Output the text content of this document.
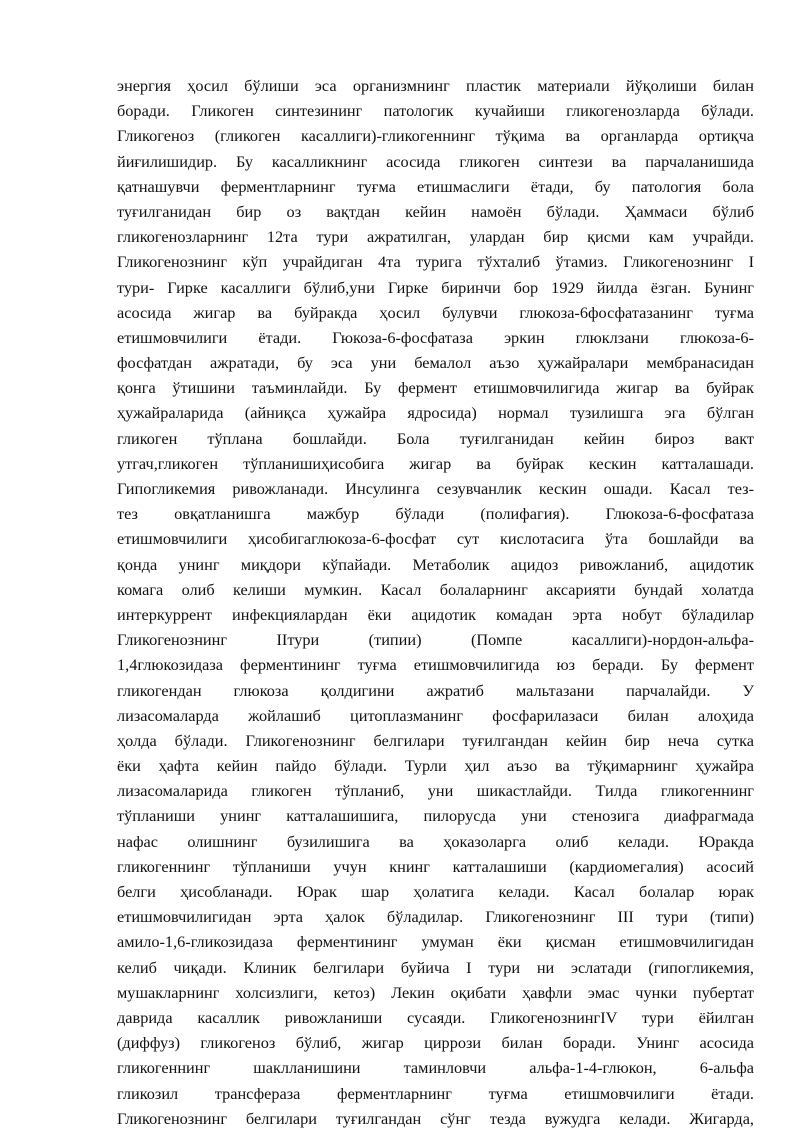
энергия ҳосил бўлиши эса организмнинг пластик материали йўқолиши билан
боради. Гликоген синтезининг патологик кучайиши гликогенозларда бўлади.
Гликогеноз (гликоген касаллиги)-гликогеннинг тўқима ва органларда ортиқча
йиғилишидир. Бу касалликнинг асосида гликоген синтези ва парчаланишида
қатнашувчи ферментларнинг туғма етишмаслиги ётади, бу патология бола
туғилганидан бир оз вақтдан кейин намоён бўлади. Ҳаммаси бўлиб
гликогенозларнинг 12та тури ажратилган, улардан бир қисми кам учрайди.
Гликогенознинг кўп учрайдиган 4та турига тўхталиб ўтамиз. Гликогенознинг I
тури- Гирке касаллиги бўлиб,уни Гирке биринчи бор 1929 йилда ёзган. Бунинг
асосида жигар ва буйракда ҳосил булувчи глюкоза-6фосфатазанинг туғма
етишмовчилиги ётади. Гюкоза-6-фосфатаза эркин глюклзани глюкоза-6-
фосфатдан ажратади, бу эса уни бемалол аъзо ҳужайралари мембранасидан
қонга ўтишини таъминлайди. Бу фермент етишмовчилигида жигар ва буйрак
ҳужайраларида (айниқса ҳужайра ядросида) нормал тузилишга эга бўлган
гликоген тўплана бошлайди. Бола туғилганидан кейин бироз вакт
утгач,гликоген тўпланишиҳисобига жигар ва буйрак кескин катталашади.
Гипогликемия ривожланади. Инсулинга сезувчанлик кескин ошади. Касал тез-
тез овқатланишга мажбур бўлади (полифагия). Глюкоза-6-фосфатаза
етишмовчилиги ҳисобигаглюкоза-6-фосфат сут кислотасига ўта бошлайди ва
қонда унинг миқдори кўпайади. Метаболик ацидоз ривожланиб, ацидотик
комага олиб келиши мумкин. Касал болаларнинг аксарияти бундай холатда
интеркуррент инфекциялардан ёки ацидотик комадан эрта нобут бўладилар
Гликогенознинг IIтури (типии) (Помпе касаллиги)-нордон-альфа-
1,4глюкозидаза ферментининг туғма етишмовчилигида юз беради. Бу фермент
гликогендан глюкоза қолдигини ажратиб мальтазани парчалайди. У
лизасомаларда жойлашиб цитоплазманинг фосфарилазаси билан алоҳида
ҳолда бўлади. Гликогенознинг белгилари туғилгандан кейин бир неча сутка
ёки ҳафта кейин пайдо бўлади. Турли ҳил аъзо ва тўқимарнинг ҳужайра
лизасомаларида гликоген тўпланиб, уни шикастлайди. Тилда гликогеннинг
тўпланиши унинг катталашишига, пилорусда уни стенозига диафрагмада
нафас олишнинг бузилишига ва ҳоказоларга олиб келади. Юракда
гликогеннинг тўпланиши учун книнг катталашиши (кардиомегалия) асосий
белги ҳисобланади. Юрак шар ҳолатига келади. Касал болалар юрак
етишмовчилигидан эрта ҳалок бўладилар. Гликогенознинг III тури (типи)
амило-1,6-гликозидаза ферментининг умуман ёки қисман етишмовчилигидан
келиб чиқади. Клиник белгилари буйича I тури ни эслатади (гипогликемия,
мушакларнинг холсизлиги, кетоз) Лекин оқибати ҳавфли эмас чунки пубертат
даврида касаллик ривожланиши сусаяди. ГликогенознингIV тури ёйилган
(диффуз) гликогеноз бўлиб, жигар циррози билан боради. Унинг асосида
гликогеннинг шаклланишини таминловчи альфа-1-4-глюкон, 6-альфа
гликозил трансфераза ферментларнинг туғма етишмовчилиги ётади.
Гликогенознинг белгилари туғилгандан сўнг тезда вужудга келади. Жигарда,
